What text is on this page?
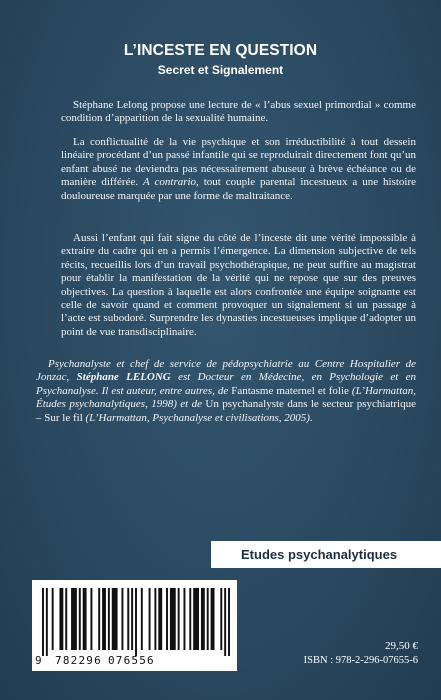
L’INCESTE EN QUESTION
Secret et Signalement
Stéphane Lelong propose une lecture de « l’abus sexuel primordial » comme condition d’apparition de la sexualité humaine.
La conflictualité de la vie psychique et son irréductibilité à tout dessein linéaire procédant d’un passé infantile qui se reproduirait directement font qu’un enfant abusé ne deviendra pas nécessairement abuseur à brève échéance ou de manière différée. A contrario, tout couple parental incestueux a une histoire douloureuse marquée par une forme de maltraitance.
Aussi l’enfant qui fait signe du côté de l’inceste dit une vérité impossible à extraire du cadre qui en a permis l’émergence. La dimension subjective de tels récits, recueillis lors d’un travail psychothérapique, ne peut suffire au magistrat pour établir la manifestation de la vérité qui ne repose que sur des preuves objectives. La question à laquelle est alors confrontée une équipe soignante est celle de savoir quand et comment provoquer un signalement si un passage à l’acte est subodoré. Surprendre les dynasties incestueuses implique d’adopter un point de vue transdisciplinaire.
Psychanalyste et chef de service de pédopsychiatrie au Centre Hospitalier de Jonzac, Stéphane LELONG est Docteur en Médecine, en Psychologie et en Psychanalyse. Il est auteur, entre autres, de Fantasme maternel et folie (L’Harmattan, Études psychanalytiques, 1998) et de Un psychanalyste dans le secteur psychiatrique – Sur le fil (L’Harmattan, Psychanalyse et civilisations, 2005).
Etudes psychanalytiques
9 782296 076556
29,50 €
ISBN : 978-2-296-07655-6
